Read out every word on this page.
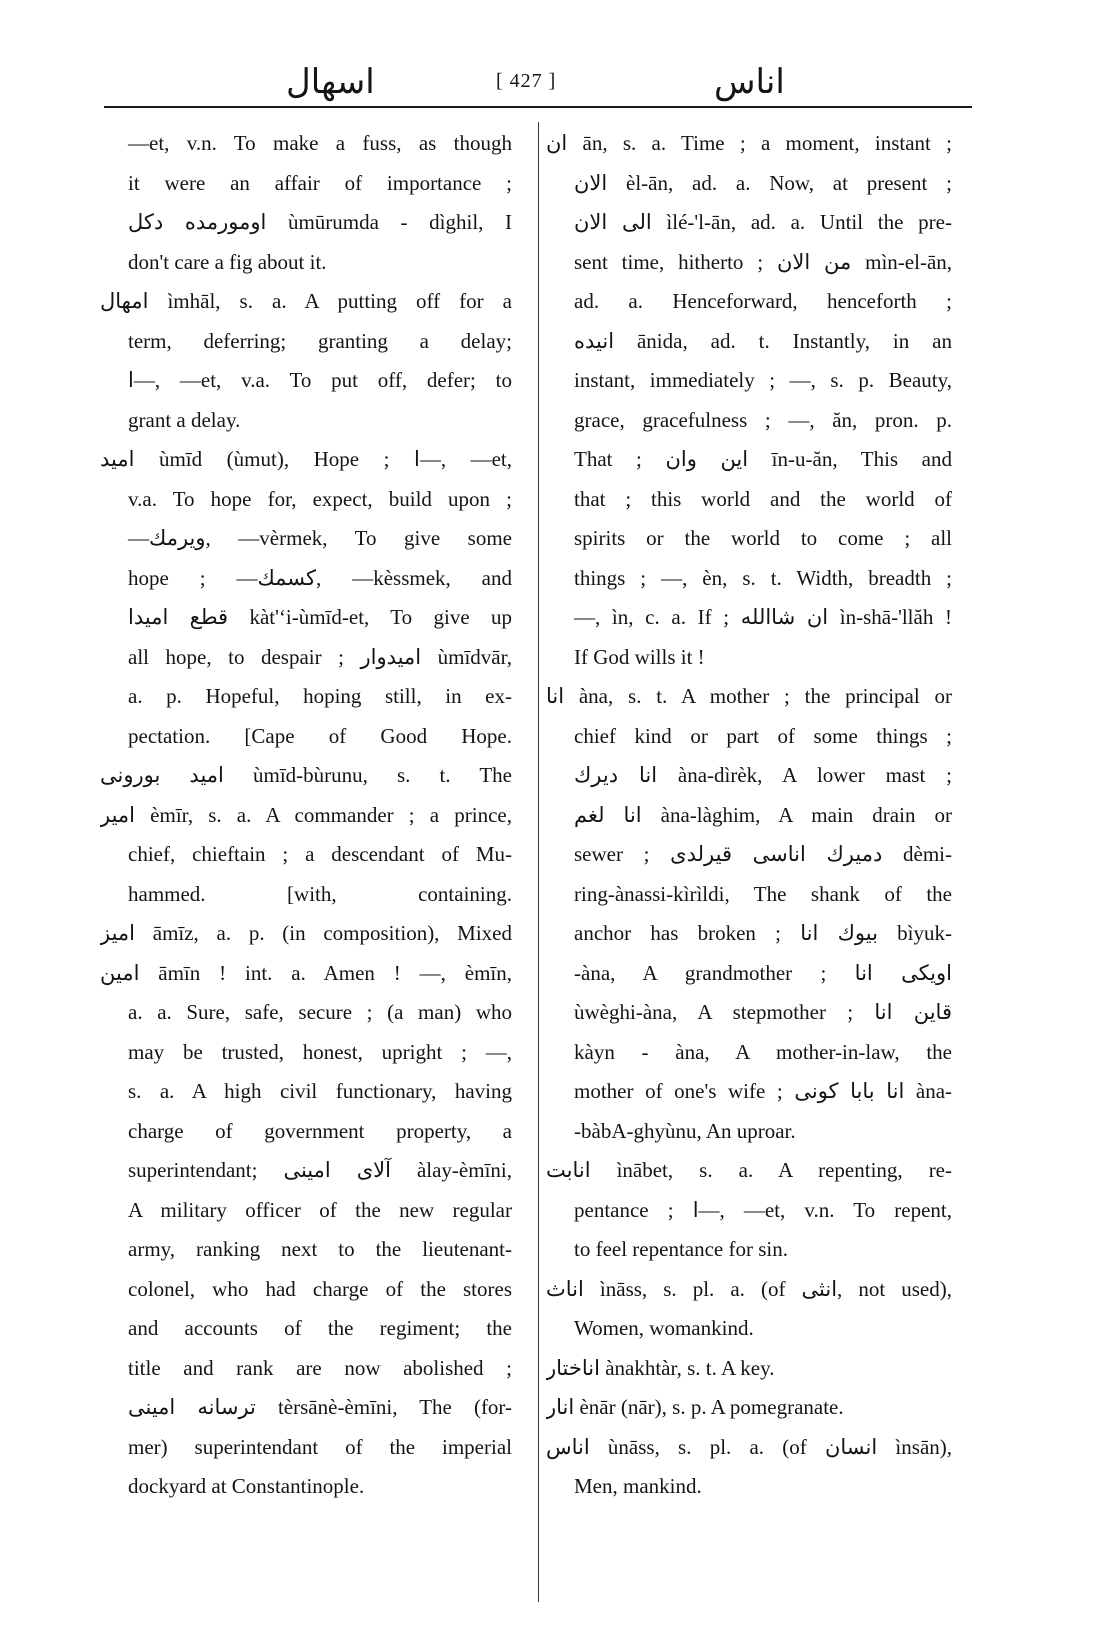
اسهال	[ 427 ]	اناس
—et, v.n. To make a fuss, as though
it were an affair of importance ;
اومورمده دکل ùmūrumda - dìghil, I
don't care a fig about it.
امهال ìmhāl, s. a. A putting off for a
term, deferring; granting a delay;
ا—, —et, v.a. To put off, defer; to
grant a delay.
امید ùmīd (ùmut), Hope ; ا—, —et,
v.a. To hope for, expect, build upon ;
—ويرمك, —vèrmek, To give some
hope ; —كسمك, —kèssmek, and
قطع امیدا kàt'‘i-ùmīd-et, To give up
all hope, to despair ; امیدوار ùmīdvār,
a. p. Hopeful, hoping still, in ex-
pectation. [Cape of Good Hope.
امید بورونی ùmīd-bùrunu, s. t. The
امیر èmīr, s. a. A commander ; a prince,
chief, chieftain ; a descendant of Mu-
hammed. [with, containing.
امیز āmīz, a. p. (in composition), Mixed
امین āmīn ! int. a. Amen ! —, èmīn,
a. a. Sure, safe, secure ; (a man) who
may be trusted, honest, upright ; —,
s. a. A high civil functionary, having
charge of government property, a
superintendant; آلای امینی àlay-èmīni,
A military officer of the new regular
army, ranking next to the lieutenant-
colonel, who had charge of the stores
and accounts of the regiment; the
title and rank are now abolished ;
ترسانه امینی tèrsānè-èmīni, The (for-
mer) superintendant of the imperial
dockyard at Constantinople.
ان ān, s. a. Time ; a moment, instant ;
الان èl-ān, ad. a. Now, at present ;
الی الان ìlé-'l-ān, ad. a. Until the pre-
sent time, hitherto ; من الان mìn-el-ān,
ad. a. Henceforward, henceforth ;
انیده ānida, ad. t. Instantly, in an
instant, immediately ; —, s. p. Beauty,
grace, gracefulness ; —, ăn, pron. p.
That ; این وان īn-u-ăn, This and
that ; this world and the world of
spirits or the world to come ; all
things ; —, èn, s. t. Width, breadth ;
—, ìn, c. a. If ; ان شاالله ìn-shā-'llăh !
If God wills it !
انا àna, s. t. A mother ; the principal or
chief kind or part of some things ;
انا دیرك àna-dìrèk, A lower mast ;
انا لغم àna-làghim, A main drain or
sewer ; دمیرك اناسی قیرلدی dèmi-
ring-ànassi-kìrìldi, The shank of the
anchor has broken ; بیوك انا bìyuk-
-àna, A grandmother ; اویکی انا
ùwèghi-àna, A stepmother ; قاین انا
kàyn - àna, A mother-in-law, the
mother of one's wife ; انا بابا کونی àna-
-bàbA-ghyùnu, An uproar.
انابت ìnābet, s. a. A repenting, re-
pentance ; ا—, —et, v.n. To repent,
to feel repentance for sin.
اناث ìnāss, s. pl. a. (of انثی, not used),
Women, womankind.
اناختار ànakhtàr, s. t. A key.
انار ènār (nār), s. p. A pomegranate.
اناس ùnāss, s. pl. a. (of انسان ìnsān),
Men, mankind.
